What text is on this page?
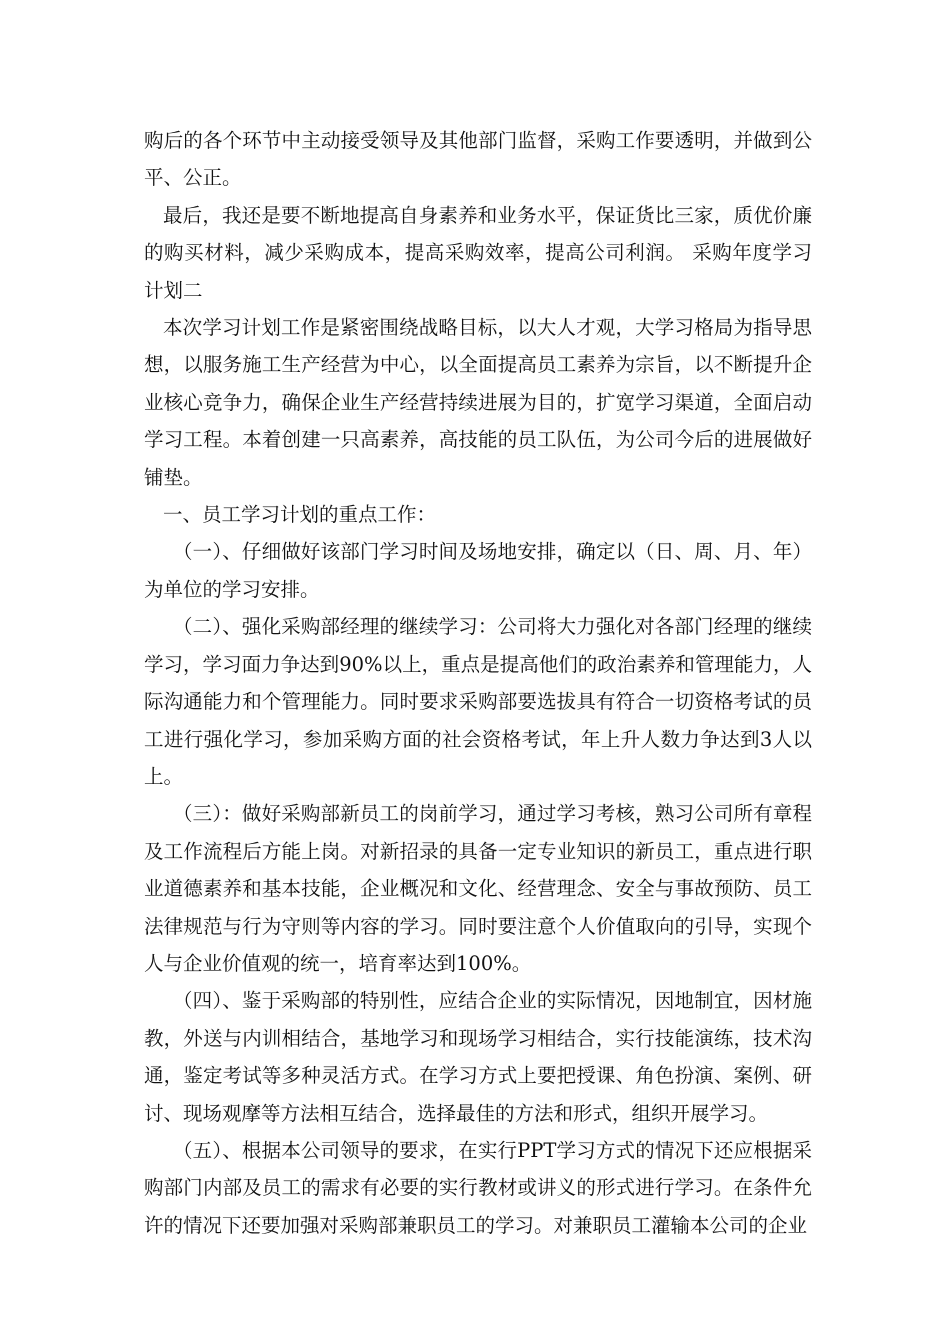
购后的各个环节中主动接受领导及其他部门监督，采购工作要透明，并做到公平、公正。

最后，我还是要不断地提高自身素养和业务水平，保证货比三家，质优价廉的购买材料，减少采购成本，提高采购效率，提高公司利润。 采购年度学习计划二

本次学习计划工作是紧密围绕战略目标，以大人才观，大学习格局为指导思想，以服务施工生产经营为中心，以全面提高员工素养为宗旨，以不断提升企业核心竞争力，确保企业生产经营持续进展为目的，扩宽学习渠道，全面启动学习工程。本着创建一只高素养，高技能的员工队伍，为公司今后的进展做好铺垫。

一、员工学习计划的重点工作：

（一）、仔细做好该部门学习时间及场地安排，确定以（日、周、月、年）为单位的学习安排。

（二）、强化采购部经理的继续学习：公司将大力强化对各部门经理的继续学习，学习面力争达到90%以上，重点是提高他们的政治素养和管理能力，人际沟通能力和个管理能力。同时要求采购部要选拔具有符合一切资格考试的员工进行强化学习，参加采购方面的社会资格考试，年上升人数力争达到3人以上。

（三）：做好采购部新员工的岗前学习，通过学习考核，熟习公司所有章程及工作流程后方能上岗。对新招录的具备一定专业知识的新员工，重点进行职业道德素养和基本技能，企业概况和文化、经营理念、安全与事故预防、员工法律规范与行为守则等内容的学习。同时要注意个人价值取向的引导，实现个人与企业价值观的统一，培育率达到100%。

（四）、鉴于采购部的特别性，应结合企业的实际情况，因地制宜，因材施教，外送与内训相结合，基地学习和现场学习相结合，实行技能演练，技术沟通，鉴定考试等多种灵活方式。在学习方式上要把授课、角色扮演、案例、研讨、现场观摩等方法相互结合，选择最佳的方法和形式，组织开展学习。

（五）、根据本公司领导的要求，在实行PPT学习方式的情况下还应根据采购部门内部及员工的需求有必要的实行教材或讲义的形式进行学习。在条件允许的情况下还要加强对采购部兼职员工的学习。对兼职员工灌输本公司的企业
